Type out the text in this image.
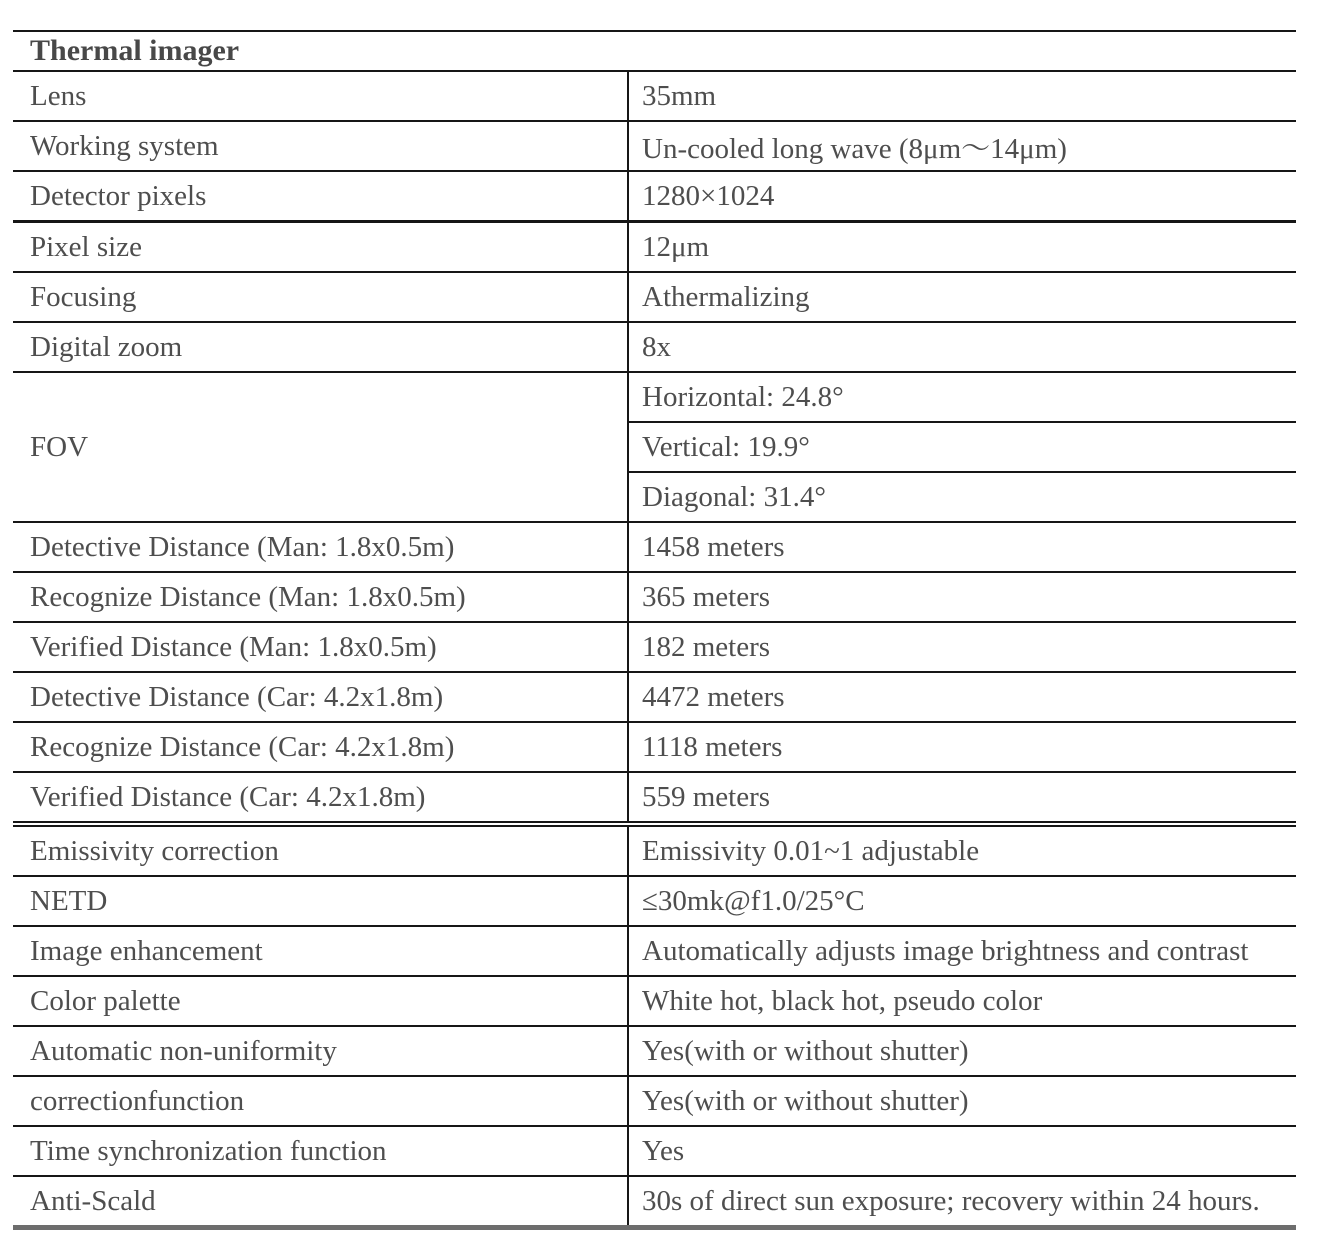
Thermal imager	
Lens	35mm
Working system	Un-cooled long wave (8μm～14μm)
Detector pixels	1280×1024
Pixel size	12μm
Focusing	Athermalizing
Digital zoom	8x
FOV	Horizontal: 24.8°
	Vertical: 19.9°
	Diagonal: 31.4°
Detective Distance (Man: 1.8x0.5m)	1458 meters
Recognize Distance (Man: 1.8x0.5m)	365 meters
Verified Distance (Man: 1.8x0.5m)	182 meters
Detective Distance (Car: 4.2x1.8m)	4472 meters
Recognize Distance (Car: 4.2x1.8m)	1118 meters
Verified Distance (Car: 4.2x1.8m)	559 meters
Emissivity correction	Emissivity 0.01~1 adjustable
NETD	≤30mk@f1.0/25°C
Image enhancement	Automatically adjusts image brightness and contrast
Color palette	White hot, black hot, pseudo color
Automatic non-uniformity	Yes(with or without shutter)
correctionfunction	Yes(with or without shutter)
Time synchronization function	Yes
Anti-Scald	30s of direct sun exposure; recovery within 24 hours.
